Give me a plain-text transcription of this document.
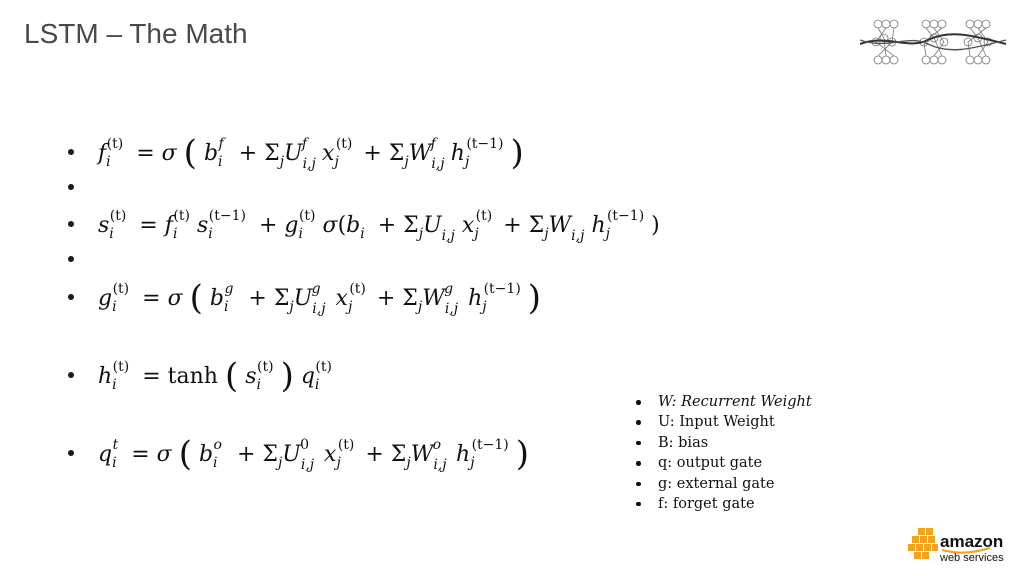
LSTM – The Math
$f_i(t) = \sigma$ ( $b_if + \Sigma_jU_{i,j}f$ $x_j(t) + \Sigma_jW_{i,j}f$ $h_j(t-1)$ )
$s_i(t) = f_i(t) s_i(t-1) + g_i(t) \sigma(b_i + \Sigma_jU_{i,j}$ $x_j(t) + \Sigma_jW_{i,j}$ $h_j(t-1)$ )
$g_i(t) = \sigma$ ( $b_ig + \Sigma_jU_{i,j}g$ $x_j(t) + \Sigma_jW_{i,j}g$ $h_j(t-1)$ )
$h_i(t) = \tanh$ ( $s_i(t)$ ) $q_i(t)$
$q_it = \sigma$ ( $b_io + \Sigma_jU_{i,j}0$ $x_j(t) + \Sigma_jW_{i,j}o$ $h_j(t-1)$ )
W: Recurrent Weight
U: Input Weight
B: bias
q: output gate
g: external gate
f: forget gate
amazon
web services
